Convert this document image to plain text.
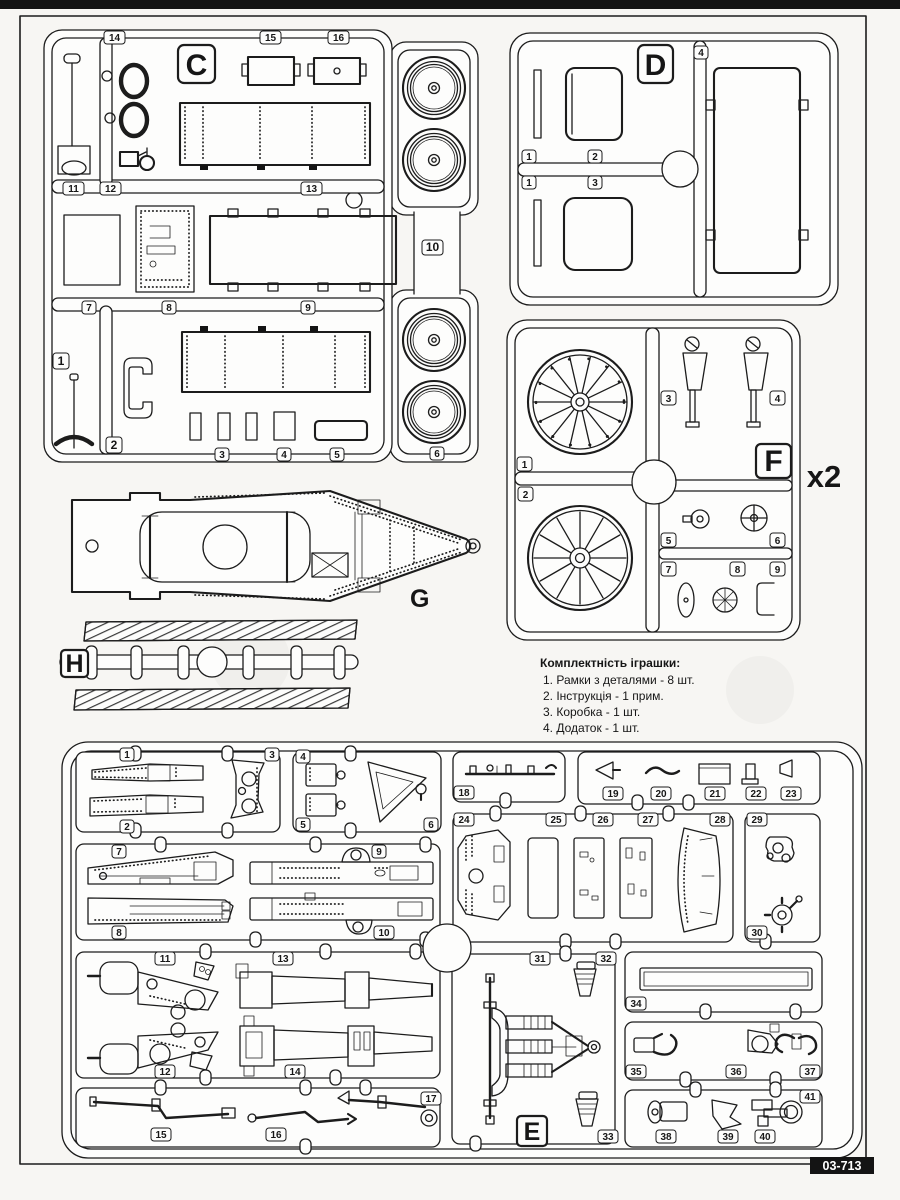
C	D
F x2
G
H	Комплектність іграшки:
1. Рамки з деталями - 8 шт.
2. Інструкція - 1 прим.
3. Коробка - 1 шт.
4. Додаток - 1 шт.
E
14	15	16
11	12	13
10
7	8	9
1
2
3	4	5	6
4
1	2
1	3
1
2
3	4
5	6
7	8	9
1	3
2
4
5	6
18	19	20	21	22 23
7	9
8	10
24	25	26	27	28	29
30
11	13
12	14
31	32
33
34
35	36	37
38	39	40
41
15	16
17
03-713
